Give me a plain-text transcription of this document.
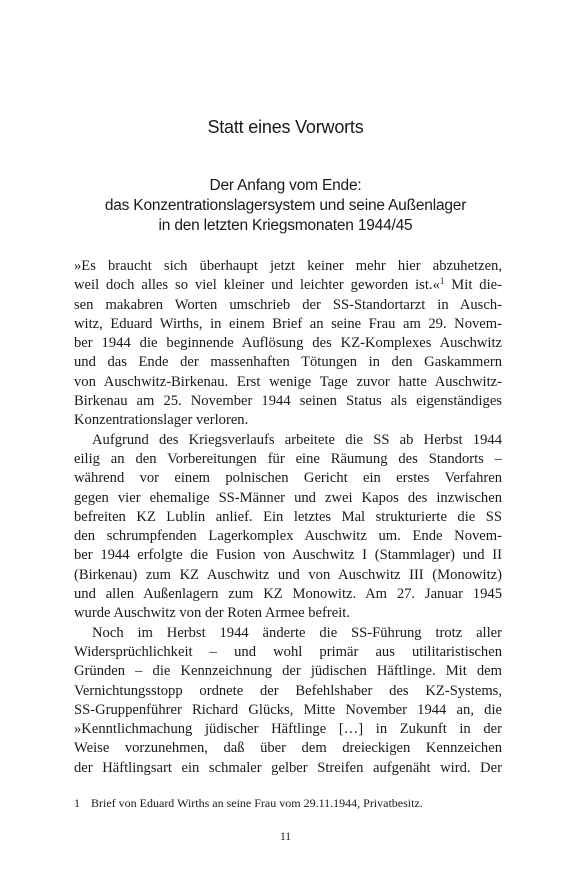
Statt eines Vorworts
Der Anfang vom Ende:
das Konzentrationslagersystem und seine Außenlager
in den letzten Kriegsmonaten 1944/45
»Es braucht sich überhaupt jetzt keiner mehr hier abzuhetzen,
weil doch alles so viel kleiner und leichter geworden ist.«$^1$ Mit die-
sen makabren Worten umschrieb der SS-Standortarzt in Ausch-
witz, Eduard Wirths, in einem Brief an seine Frau am 29. Novem-
ber 1944 die beginnende Auflösung des KZ-Komplexes Auschwitz
und das Ende der massenhaften Tötungen in den Gaskammern
von Auschwitz-Birkenau. Erst wenige Tage zuvor hatte Auschwitz-
Birkenau am 25. November 1944 seinen Status als eigenständiges
Konzentrationslager verloren.
Aufgrund des Kriegsverlaufs arbeitete die SS ab Herbst 1944
eilig an den Vorbereitungen für eine Räumung des Standorts –
während vor einem polnischen Gericht ein erstes Verfahren
gegen vier ehemalige SS-Männer und zwei Kapos des inzwischen
befreiten KZ Lublin anlief. Ein letztes Mal strukturierte die SS
den schrumpfenden Lagerkomplex Auschwitz um. Ende Novem-
ber 1944 erfolgte die Fusion von Auschwitz I (Stammlager) und II
(Birkenau) zum KZ Auschwitz und von Auschwitz III (Monowitz)
und allen Außenlagern zum KZ Monowitz. Am 27. Januar 1945
wurde Auschwitz von der Roten Armee befreit.
Noch im Herbst 1944 änderte die SS-Führung trotz aller
Widersprüchlichkeit – und wohl primär aus utilitaristischen
Gründen – die Kennzeichnung der jüdischen Häftlinge. Mit dem
Vernichtungsstopp ordnete der Befehlshaber des KZ-Systems,
SS-Gruppenführer Richard Glücks, Mitte November 1944 an, die
»Kenntlichmachung jüdischer Häftlinge […] in Zukunft in der
Weise vorzunehmen, daß über dem dreieckigen Kennzeichen
der Häftlingsart ein schmaler gelber Streifen aufgenäht wird. Der
1 Brief von Eduard Wirths an seine Frau vom 29.11.1944, Privatbesitz.
11
